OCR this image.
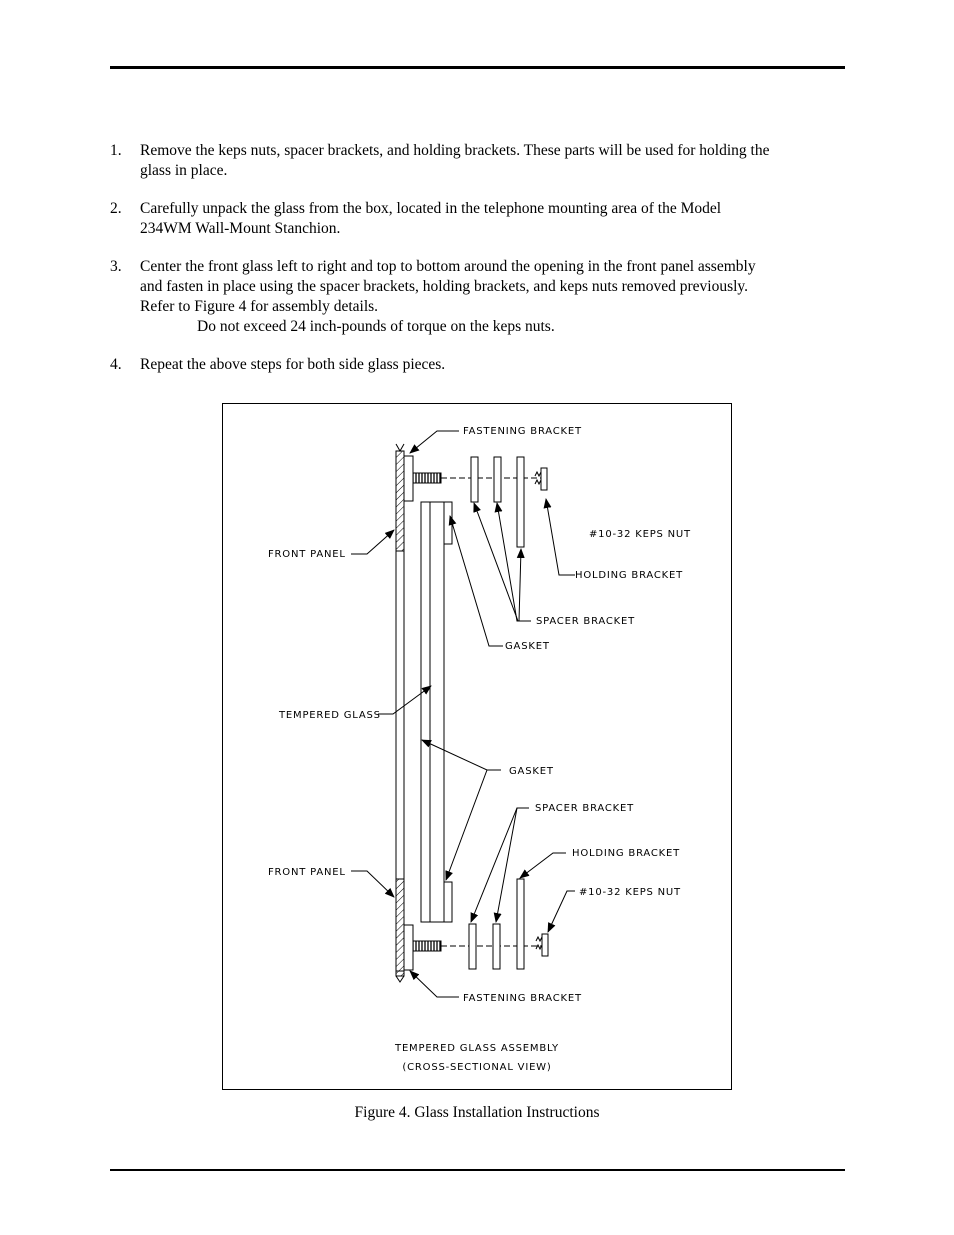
1. Remove the keps nuts, spacer brackets, and holding brackets. These parts will be used for holding the
glass in place.
2. Carefully unpack the glass from the box, located in the telephone mounting area of the Model
234WM Wall-Mount Stanchion.
3. Center the front glass left to right and top to bottom around the opening in the front panel assembly
and fasten in place using the spacer brackets, holding brackets, and keps nuts removed previously.
Refer to Figure 4 for assembly details.
Do not exceed 24 inch-pounds of torque on the keps nuts.
4. Repeat the above steps for both side glass pieces.
FASTENING BRACKET
FRONT PANEL
#10-32 KEPS NUT
HOLDING BRACKET
SPACER BRACKET
GASKET
TEMPERED GLASS
GASKET
SPACER BRACKET
HOLDING BRACKET
FRONT PANEL
#10-32 KEPS NUT
FASTENING BRACKET
TEMPERED GLASS ASSEMBLY
(CROSS-SECTIONAL VIEW)
Figure 4. Glass Installation Instructions
